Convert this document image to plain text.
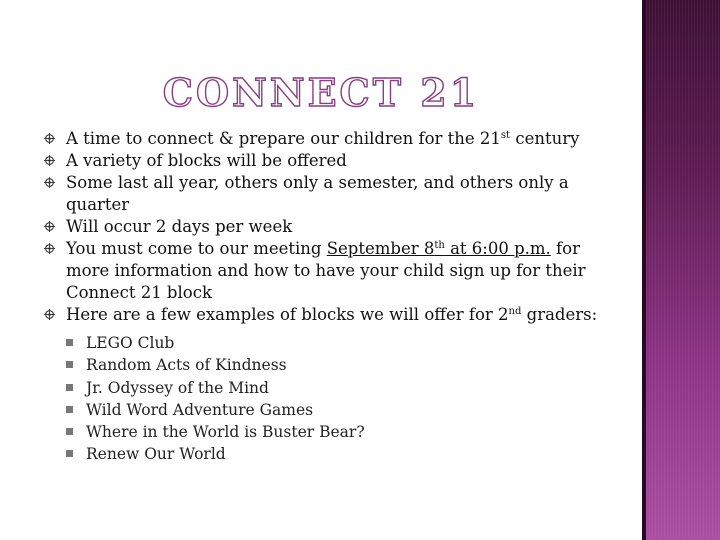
CONNECT 21
A time to connect & prepare our children for the 21st century
A variety of blocks will be offered
Some last all year, others only a semester, and others only a quarter
Will occur 2 days per week
You must come to our meeting September 8th at 6:00 p.m. for more information and how to have your child sign up for their Connect 21 block
Here are a few examples of blocks we will offer for 2nd graders:
LEGO Club
Random Acts of Kindness
Jr. Odyssey of the Mind
Wild Word Adventure Games
Where in the World is Buster Bear?
Renew Our World
